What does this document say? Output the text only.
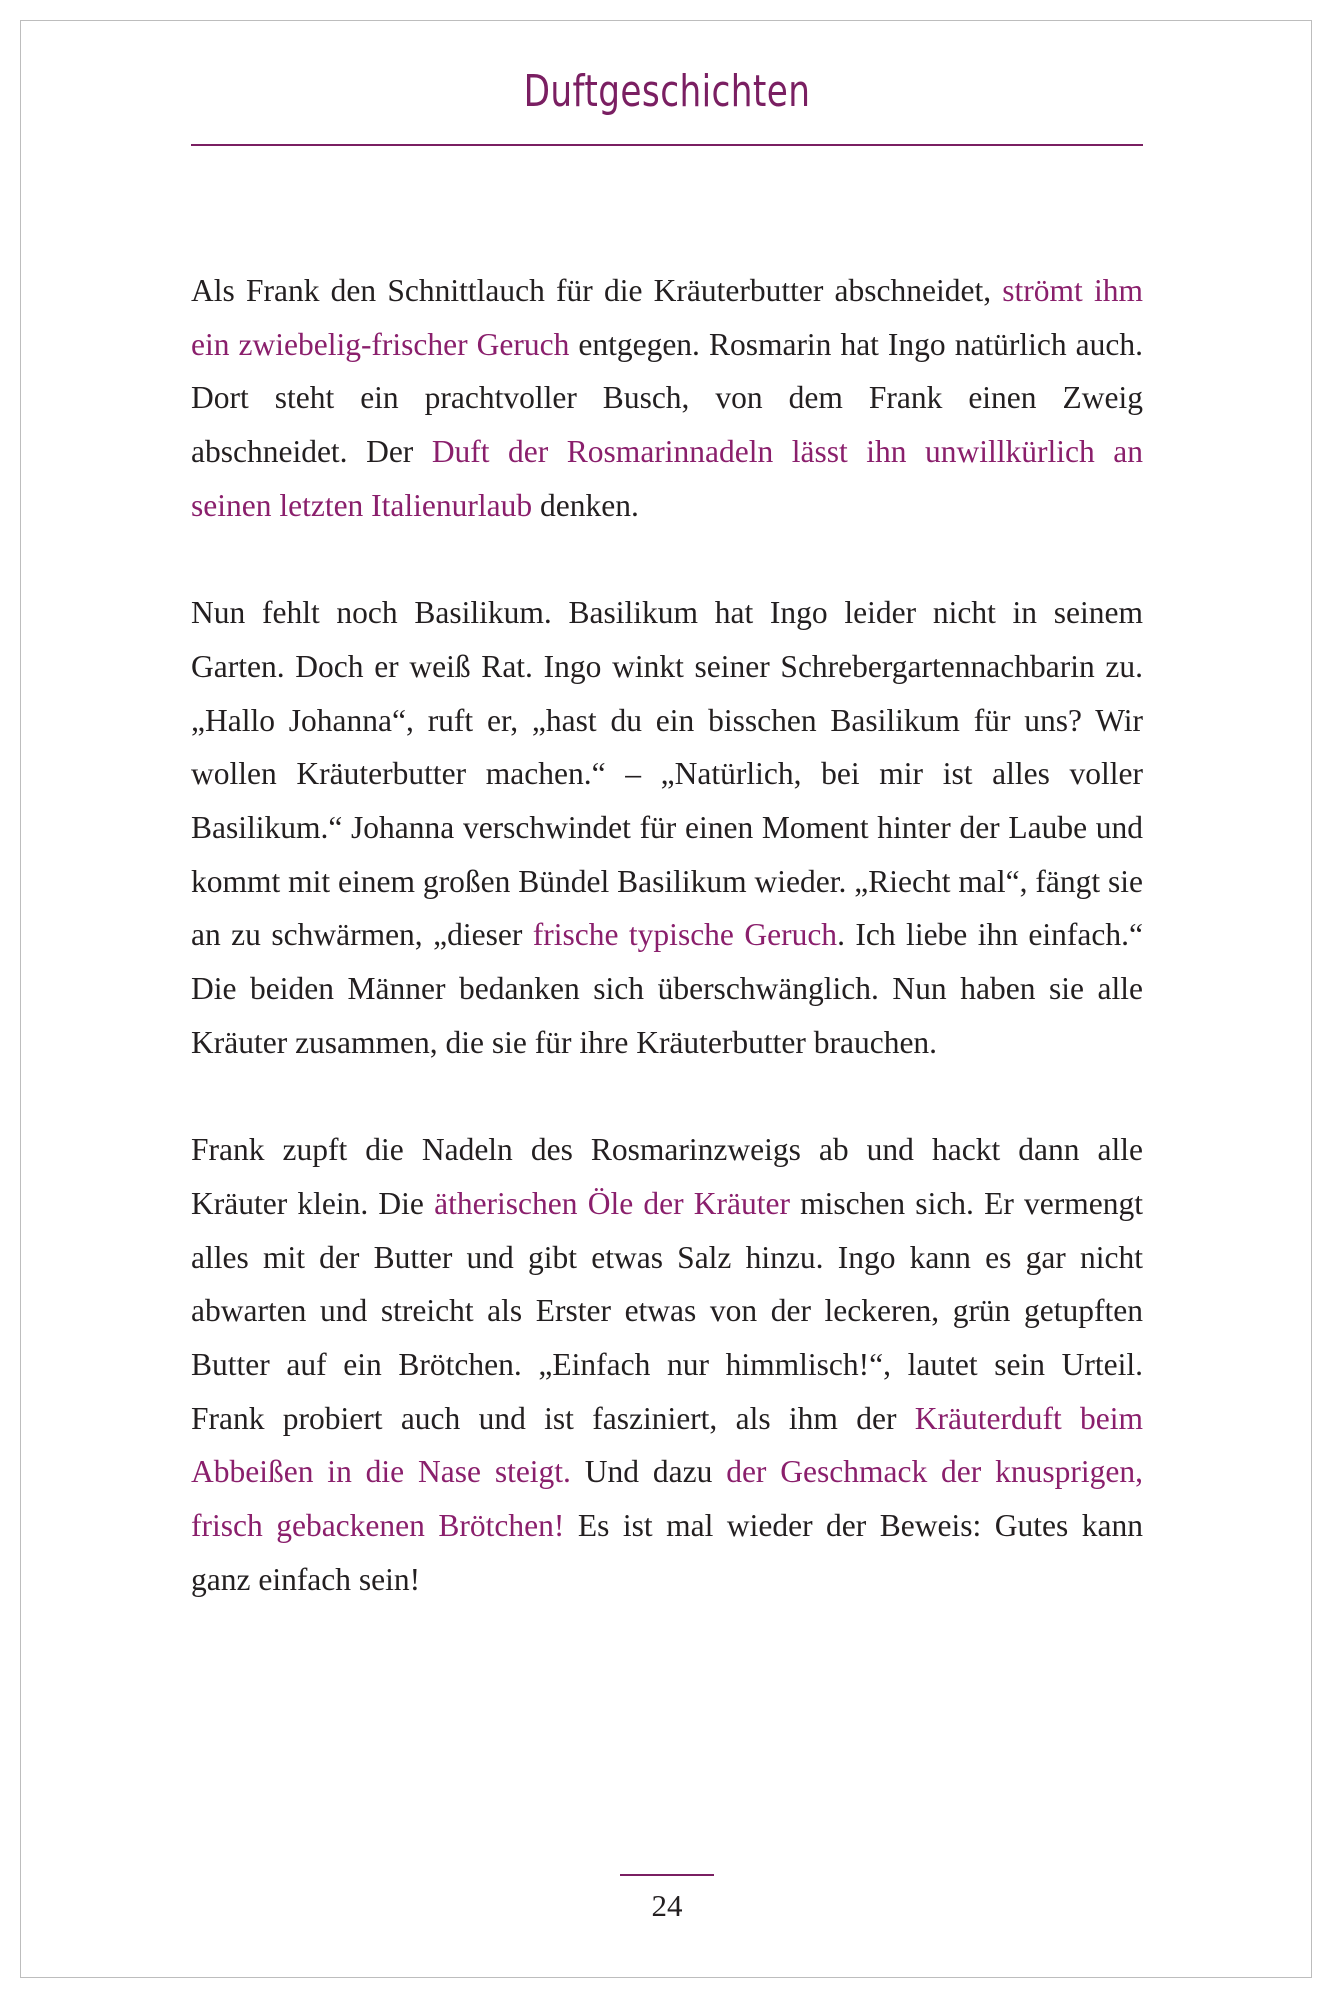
Duftgeschichten

Als Frank den Schnittlauch für die Kräuterbutter abschneidet, strömt ihm ein zwiebelig-frischer Geruch entgegen. Rosmarin hat Ingo natürlich auch. Dort steht ein prachtvoller Busch, von dem Frank einen Zweig abschneidet. Der Duft der Rosmarinnadeln lässt ihn unwillkürlich an seinen letzten Italienurlaub denken.

Nun fehlt noch Basilikum. Basilikum hat Ingo leider nicht in seinem Garten. Doch er weiß Rat. Ingo winkt seiner Schrebergartennachbarin zu. „Hallo Johanna“, ruft er, „hast du ein bisschen Basilikum für uns? Wir wollen Kräuterbutter machen.“ – „Natürlich, bei mir ist alles voller Basilikum.“ Johanna verschwindet für einen Moment hinter der Laube und kommt mit einem großen Bündel Basilikum wieder. „Riecht mal“, fängt sie an zu schwärmen, „dieser frische typische Geruch. Ich liebe ihn einfach.“ Die beiden Männer bedanken sich überschwänglich. Nun haben sie alle Kräuter zusammen, die sie für ihre Kräuterbutter brauchen.

Frank zupft die Nadeln des Rosmarinzweigs ab und hackt dann alle Kräuter klein. Die ätherischen Öle der Kräuter mischen sich. Er vermengt alles mit der Butter und gibt etwas Salz hinzu. Ingo kann es gar nicht abwarten und streicht als Erster etwas von der leckeren, grün getupften Butter auf ein Brötchen. „Einfach nur himmlisch!“, lautet sein Urteil. Frank probiert auch und ist fasziniert, als ihm der Kräuterduft beim Abbeißen in die Nase steigt. Und dazu der Geschmack der knusprigen, frisch gebackenen Brötchen! Es ist mal wieder der Beweis: Gutes kann ganz einfach sein!

24
